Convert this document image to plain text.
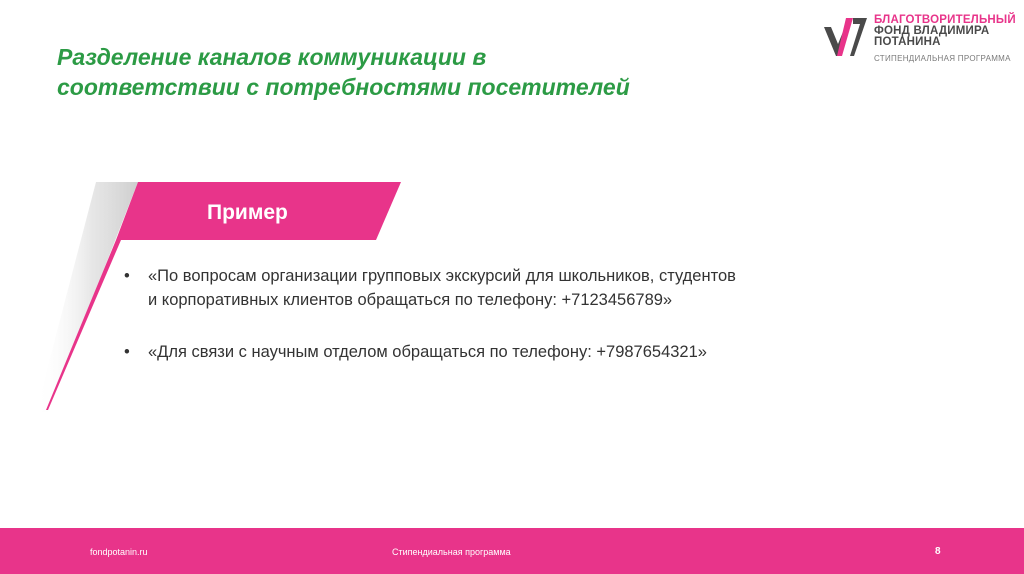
Разделение каналов коммуникации в соответствии с потребностями посетителей
БЛАГОТВОРИТЕЛЬНЫЙ
ФОНД ВЛАДИМИРА
ПОТАНИНА
СТИПЕНДИАЛЬНАЯ ПРОГРАММА
Пример
• «По вопросам организации групповых экскурсий для школьников, студентов и корпоративных клиентов обращаться по телефону: +7123456789»
• «Для связи с научным отделом обращаться по телефону: +7987654321»
fondpotanin.ru	Стипендиальная программа	8
